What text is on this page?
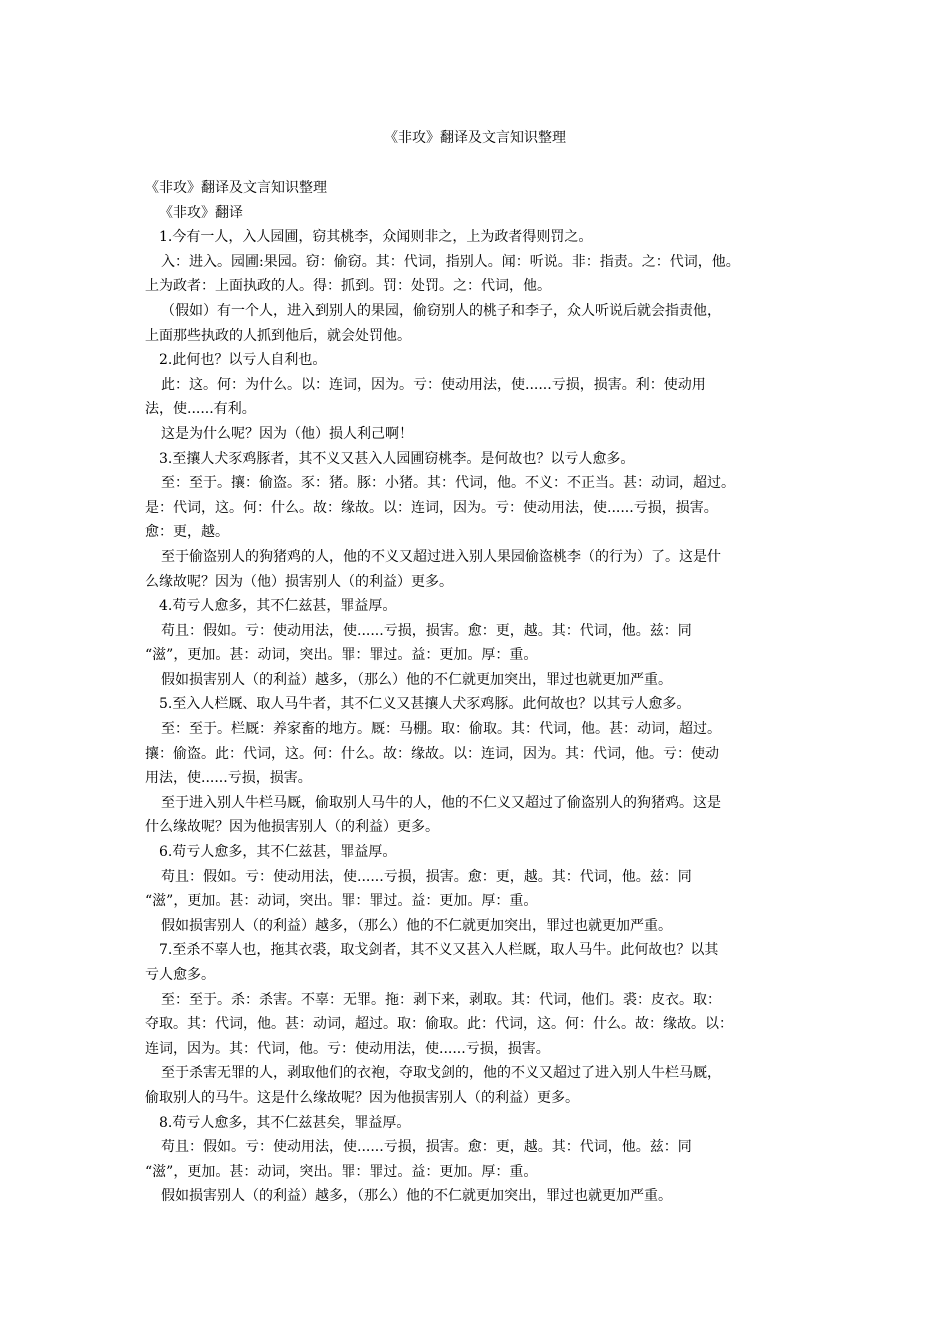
《非攻》翻译及文言知识整理
《非攻》翻译及文言知识整理
《非攻》翻译
1.今有一人，入人园圃，窃其桃李，众闻则非之，上为政者得则罚之。
入：进入。园圃:果园。窃：偷窃。其：代词，指别人。闻：听说。非：指责。之：代词，他。
上为政者：上面执政的人。得：抓到。罚：处罚。之：代词，他。
（假如）有一个人，进入到别人的果园，偷窃别人的桃子和李子，众人听说后就会指责他，
上面那些执政的人抓到他后，就会处罚他。
2.此何也？以亏人自利也。
此：这。何：为什么。以：连词，因为。亏：使动用法，使......亏损，损害。利：使动用
法，使......有利。
这是为什么呢？因为（他）损人利己啊！
3.至攘人犬豕鸡豚者，其不义又甚入人园圃窃桃李。是何故也？以亏人愈多。
至：至于。攘：偷盗。豕：猪。豚：小猪。其：代词，他。不义：不正当。甚：动词，超过。
是：代词，这。何：什么。故：缘故。以：连词，因为。亏：使动用法，使......亏损，损害。
愈：更，越。
至于偷盗别人的狗猪鸡的人，他的不义又超过进入别人果园偷盗桃李（的行为）了。这是什
么缘故呢？因为（他）损害别人（的利益）更多。
4.苟亏人愈多，其不仁兹甚，罪益厚。
苟且：假如。亏：使动用法，使......亏损，损害。愈：更，越。其：代词，他。兹：同
“滋”，更加。甚：动词，突出。罪：罪过。益：更加。厚：重。
假如损害别人（的利益）越多，（那么）他的不仁就更加突出，罪过也就更加严重。
5.至入人栏厩、取人马牛者，其不仁义又甚攘人犬豕鸡豚。此何故也？以其亏人愈多。
至：至于。栏厩：养家畜的地方。厩：马棚。取：偷取。其：代词，他。甚：动词，超过。
攘：偷盗。此：代词，这。何：什么。故：缘故。以：连词，因为。其：代词，他。亏：使动
用法，使......亏损，损害。
至于进入别人牛栏马厩，偷取别人马牛的人，他的不仁义又超过了偷盗别人的狗猪鸡。这是
什么缘故呢？因为他损害别人（的利益）更多。
6.苟亏人愈多，其不仁兹甚，罪益厚。
苟且：假如。亏：使动用法，使......亏损，损害。愈：更，越。其：代词，他。兹：同
“滋”，更加。甚：动词，突出。罪：罪过。益：更加。厚：重。
假如损害别人（的利益）越多，（那么）他的不仁就更加突出，罪过也就更加严重。
7.至杀不辜人也，拖其衣裘，取戈剑者，其不义又甚入人栏厩，取人马牛。此何故也？以其
亏人愈多。
至：至于。杀：杀害。不辜：无罪。拖：剥下来，剥取。其：代词，他们。裘：皮衣。取：
夺取。其：代词，他。甚：动词，超过。取：偷取。此：代词，这。何：什么。故：缘故。以：
连词，因为。其：代词，他。亏：使动用法，使......亏损，损害。
至于杀害无罪的人，剥取他们的衣袍，夺取戈剑的，他的不义又超过了进入别人牛栏马厩，
偷取别人的马牛。这是什么缘故呢？因为他损害别人（的利益）更多。
8.苟亏人愈多，其不仁兹甚矣，罪益厚。
苟且：假如。亏：使动用法，使......亏损，损害。愈：更，越。其：代词，他。兹：同
“滋”，更加。甚：动词，突出。罪：罪过。益：更加。厚：重。
假如损害别人（的利益）越多，（那么）他的不仁就更加突出，罪过也就更加严重。
